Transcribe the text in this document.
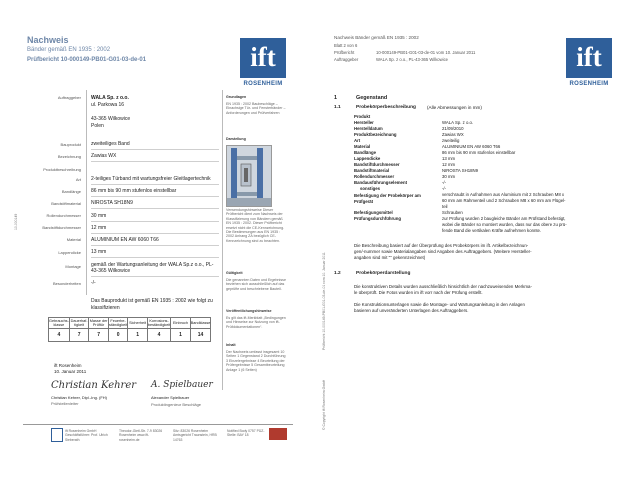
Nachweis
Bänder gemäß EN 1935 : 2002
Prüfbericht 10-000149-PB01-G01-03-de-01	ift
ROSENHEIM
Auftraggeber WALA Sp. z o.o.
ul. Parkowa 16
43-365 Wilkowice
Polen
Bauprodukt zweiteiliges Band
Bezeichnung Zawias WX
Produktbeschreibung
Art 2-teiliges Türband mit wartungsfreier Gleitlagertechnik
Bandlänge 86 mm bis 90 mm stufenlos einstellbar
Bandstiftmaterial NIROSTA SH18N9
Rollendurchmesser 30 mm
Bandstiftdurchmesser 12 mm
Material ALUMINIUM EN AW 6060 T66
Lappendicke 13 mm
Montage gemäß der Wartungsanleitung der WALA Sp.z o.o., PL-43-365 Wilkowice
Besonderheiten -/-
Das Bauprodukt ist gemäß EN 1935 : 2002 wie folgt zu klassifizieren
Gebrauchs-klasse	Dauerhaf-tigkeit	Masse der Prüftür	Feuerbe-ständigkeit	Sicherheit	Korrosions-beständigkeit	Einbruch	Bandklasse
4	7	7	0	1	4	1	14
ift Rosenheim
10. Januar 2011
Christian Kehrer
Christian Kehrer, Dipl.-Ing. (FH)
Prüfstellenleiter
A. Spielbauer
Alexander Spielbauer
Produktingenieur Beschläge
Grundlagen
EN 1935 : 2002 Baubeschläge – Einachsige Tür- und Fensterbänder – Anforderungen und Prüfverfahren
Darstellung
Verwendungshinweise Dieser Prüfbericht dient zum Nachweis der Klassifizierung von Bändern gemäß EN 1935 : 2002. Dieser Prüfbericht ersetzt nicht die CE-Kennzeichnung. Die Bestimmungen aus EN 1935 : 2002 Anhang ZA bezüglich CE-Kennzeichnung sind zu beachten.
Gültigkeit
Die genannten Daten und Ergebnisse beziehen sich ausschließlich auf das geprüfte und beschriebene Bauteil.
Veröffentlichungshinweise
Es gilt das ift-Merkblatt „Bedingungen und Hinweise zur Nutzung von ift-Prüfdokumentationen“.
Inhalt
Der Nachweis umfasst insgesamt 10 Seiten 1 Gegenstand 2 Durchführung 3 Einzelergebnisse 4 Beurteilung der Prüfergebnisse 5 Gesamtbeurteilung Anlage 1 (6 Seiten)
ift Rosenheim GmbH Geschäftsführer: Prof. Ulrich Sieberath
Theodor-Gietl-Str. 7-9 83026 Rosenheim www.ift-rosenheim.de
Sitz: 83026 Rosenheim Amtsgericht Traunstein, HRB 14763
Notified Body 0757 PÜZ-Stelle: BAY 18
10-000149
Nachweis Bänder gemäß EN 1935 : 2002
Blatt 2 von 6
Prüfbericht	10-000149-PB01-G01-03-de-01 vom 10. Januar 2011
Auftraggeber	WALA Sp. z o.o., PL-43-365 Wilkowice	ift
ROSENHEIM
1	Gegenstand
1.1	Probekörperbeschreibung (Alle Abmessungen in mm)
Produkt
Hersteller	WALA Sp. z o.o.
Herstelldatum	21/09/2010
Produktbezeichnung	Zawias WX
Art	zweiteilig
Material	ALUMINIUM EN AW 6060 T66
Bandlänge	86 mm bis 90 mm stufenlos einstellbar
Lappendicke	13 mm
Bandstiftdurchmesser	12 mm
Bandstiftmaterial	NIROSTA SH18N9
Rollendurchmesser	30 mm
Bandausführungselement	-/-
sonstiges	-/-
Befestigung der Probekörper am Prüfgerät
verschraubt in Aufnahmen aus Aluminium mit 2 Schrauben M8 x
60 mm am Rahmenteil und 2 Schrauben M8 x 60 mm am Flügel-
teil
Befestigungsmittel	Schrauben
Prüfungsdurchführung	zur Prüfung wurden 2 baugleiche Bänder am Prüfstand befestigt,
wobei die Bänder so montiert wurden, dass nur das obere zu prü-
fende Band die vertikalen Kräfte aufnehmen konnte.
Die Beschreibung basiert auf der Überprüfung des Probekörpers im ift. Artikelbezeichnun-
gen/-nummer sowie Materialangaben sind Angaben des Auftraggebers. (Weitere Hersteller-
angaben sind mit "" gekennzeichnet)
1.2	Probekörperdarstellung
Die konstruktiven Details wurden ausschließlich hinsichtlich der nachzuweisenden Merkma-
le überprüft. Die Fotos wurden im ift vorr nach der Prüfung erstellt.
Die Konstruktionsunterlagen sowie die Montage- und Wartungsanleitung in den Anlagen
basieren auf unveränderten Unterlagen des Auftraggebers.
Prüfbericht 10-000149-PB01-G01-03-de-01 vom 10. Januar 2011
© Copyright ift Rosenheim GmbH
